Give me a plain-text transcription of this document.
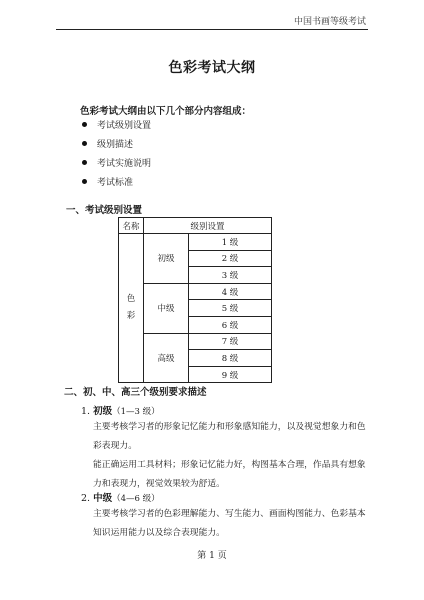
中国书画等级考试
色彩考试大纲
色彩考试大纲由以下几个部分内容组成：
考试级别设置
级别描述
考试实施说明
考试标准
一、考试级别设置
名称	级别设置	

色
彩	初级	1 级
		2 级
		3 级
	中级	4 级
		5 级
		6 级
	高级	7 级
		8 级
		9 级
二、初、中、高三个级别要求描述
1. 初级（1—3 级）
主要考核学习者的形象记忆能力和形象感知能力，以及视觉想象力和色彩表现力。
能正确运用工具材料；形象记忆能力好，构图基本合理，作品具有想象力和表现力，视觉效果较为舒适。
2. 中级（4—6 级）
主要考核学习者的色彩理解能力、写生能力、画面构图能力、色彩基本知识运用能力以及综合表现能力。
第 1 页
